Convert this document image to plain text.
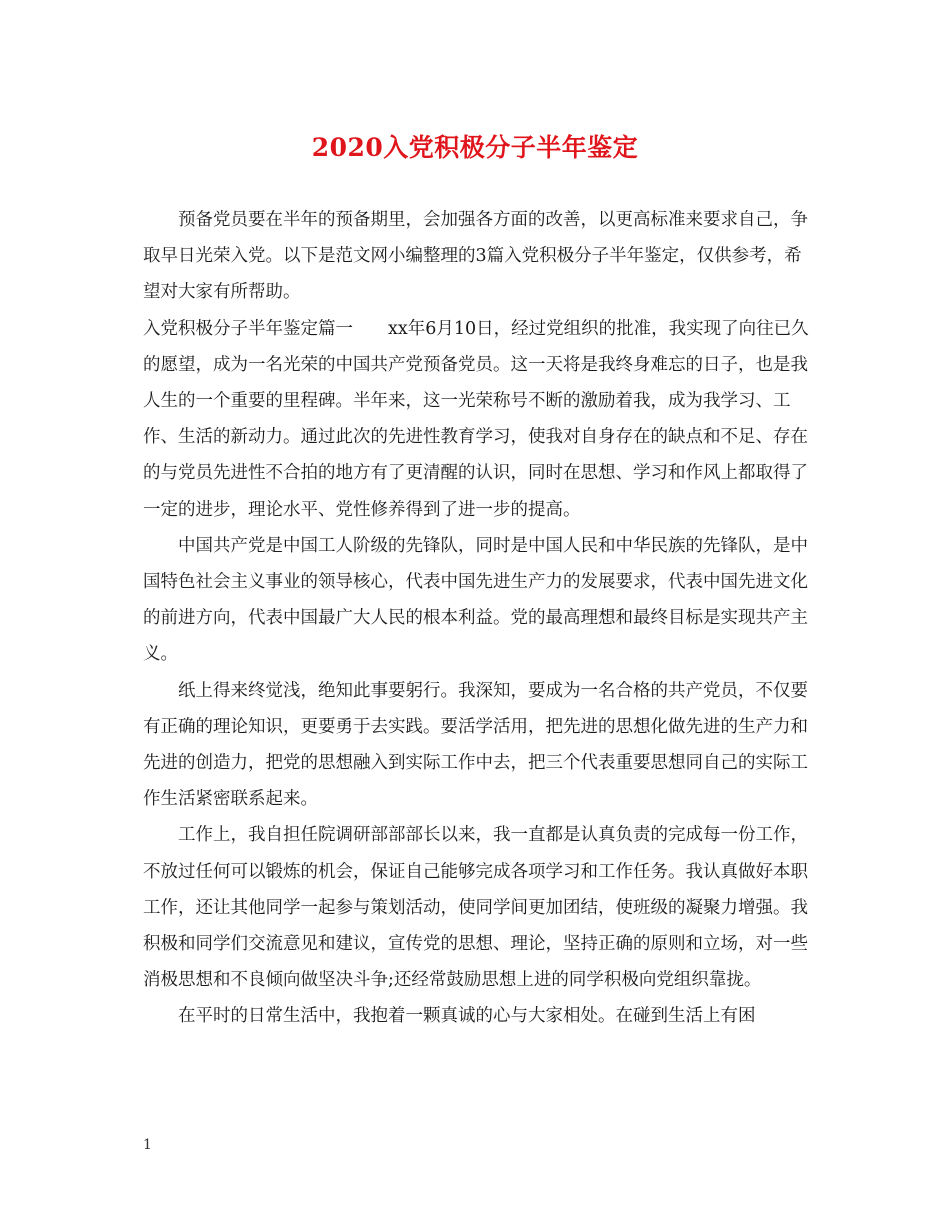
2020入党积极分子半年鉴定

预备党员要在半年的预备期里，会加强各方面的改善，以更高标准来要求自己，争取早日光荣入党。以下是范文网小编整理的3篇入党积极分子半年鉴定，仅供参考，希望对大家有所帮助。

入党积极分子半年鉴定篇一　　xx年6月10日，经过党组织的批准，我实现了向往已久的愿望，成为一名光荣的中国共产党预备党员。这一天将是我终身难忘的日子，也是我人生的一个重要的里程碑。半年来，这一光荣称号不断的激励着我，成为我学习、工作、生活的新动力。通过此次的先进性教育学习，使我对自身存在的缺点和不足、存在的与党员先进性不合拍的地方有了更清醒的认识，同时在思想、学习和作风上都取得了一定的进步，理论水平、党性修养得到了进一步的提高。

中国共产党是中国工人阶级的先锋队，同时是中国人民和中华民族的先锋队，是中国特色社会主义事业的领导核心，代表中国先进生产力的发展要求，代表中国先进文化的前进方向，代表中国最广大人民的根本利益。党的最高理想和最终目标是实现共产主义。

纸上得来终觉浅，绝知此事要躬行。我深知，要成为一名合格的共产党员，不仅要有正确的理论知识，更要勇于去实践。要活学活用，把先进的思想化做先进的生产力和先进的创造力，把党的思想融入到实际工作中去，把三个代表重要思想同自己的实际工作生活紧密联系起来。

工作上，我自担任院调研部部部长以来，我一直都是认真负责的完成每一份工作，不放过任何可以锻炼的机会，保证自己能够完成各项学习和工作任务。我认真做好本职工作，还让其他同学一起参与策划活动，使同学间更加团结，使班级的凝聚力增强。我积极和同学们交流意见和建议，宣传党的思想、理论，坚持正确的原则和立场，对一些消极思想和不良倾向做坚决斗争;还经常鼓励思想上进的同学积极向党组织靠拢。

在平时的日常生活中，我抱着一颗真诚的心与大家相处。在碰到生活上有困

1
